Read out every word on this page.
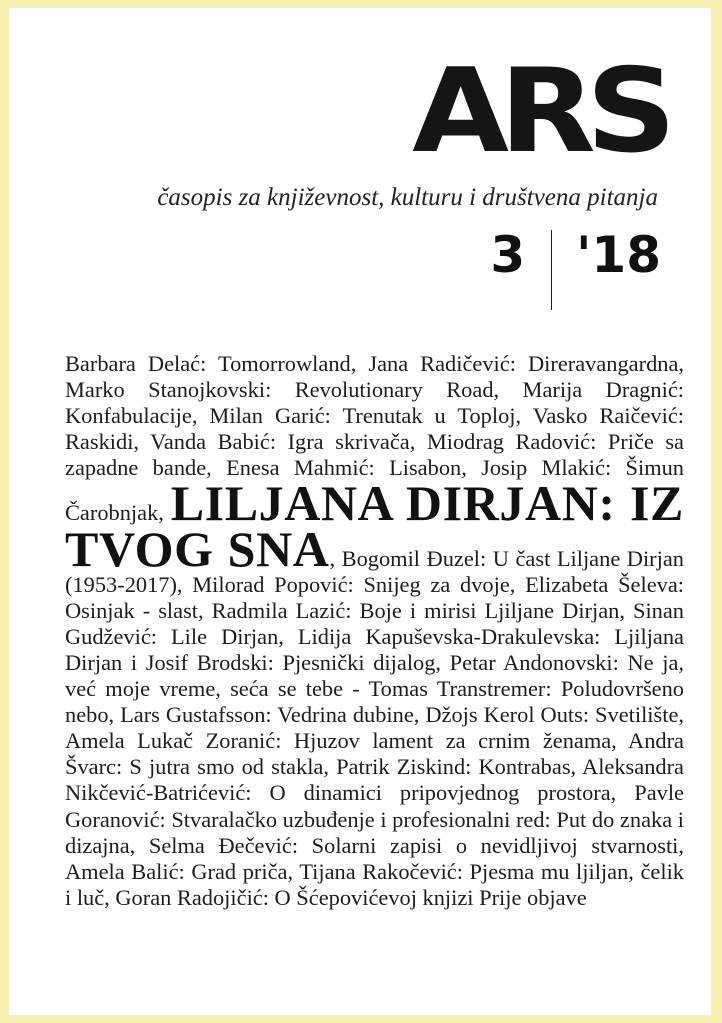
ARS
časopis za književnost, kulturu i društvena pitanja
3 '18
Barbara Delać: Tomorrowland, Jana Radičević: Direravangardna, Marko Stanojkovski: Revolutionary Road, Marija Dragnić: Konfabulacije, Milan Garić: Trenutak u Toploj, Vasko Raičević: Raskidi, Vanda Babić: Igra skrivača, Miodrag Radović: Priče sa zapadne bande, Enesa Mahmić: Lisabon, Josip Mlakić: Šimun Čarobnjak, LILJANA DIRJAN: IZ TVOG SNA, Bogomil Đuzel: U čast Liljane Dirjan (1953-2017), Milorad Popović: Snijeg za dvoje, Elizabeta Šeleva: Osinjak - slast, Radmila Lazić: Boje i mirisi Ljiljane Dirjan, Sinan Gudžević: Lile Dirjan, Lidija Kapuševska-Drakulevska: Ljiljana Dirjan i Josif Brodski: Pjesnički dijalog, Petar Andonovski: Ne ja, već moje vreme, seća se tebe - Tomas Transtremer: Poludovršeno nebo, Lars Gustafsson: Vedrina dubine, Džojs Kerol Outs: Svetilište, Amela Lukač Zoranić: Hjuzov lament za crnim ženama, Andra Švarc: S jutra smo od stakla, Patrik Ziskind: Kontrabas, Aleksandra Nikčević-Batrićević: O dinamici pripovjednog prostora, Pavle Goranović: Stvaralačko uzbuđenje i profesionalni red: Put do znaka i dizajna, Selma Đečević: Solarni zapisi o nevidljivoj stvarnosti, Amela Balić: Grad priča, Tijana Rakočević: Pjesma mu ljiljan, čelik i luč, Goran Radojičić: O Šćepovićevoj knjizi Prije objave
